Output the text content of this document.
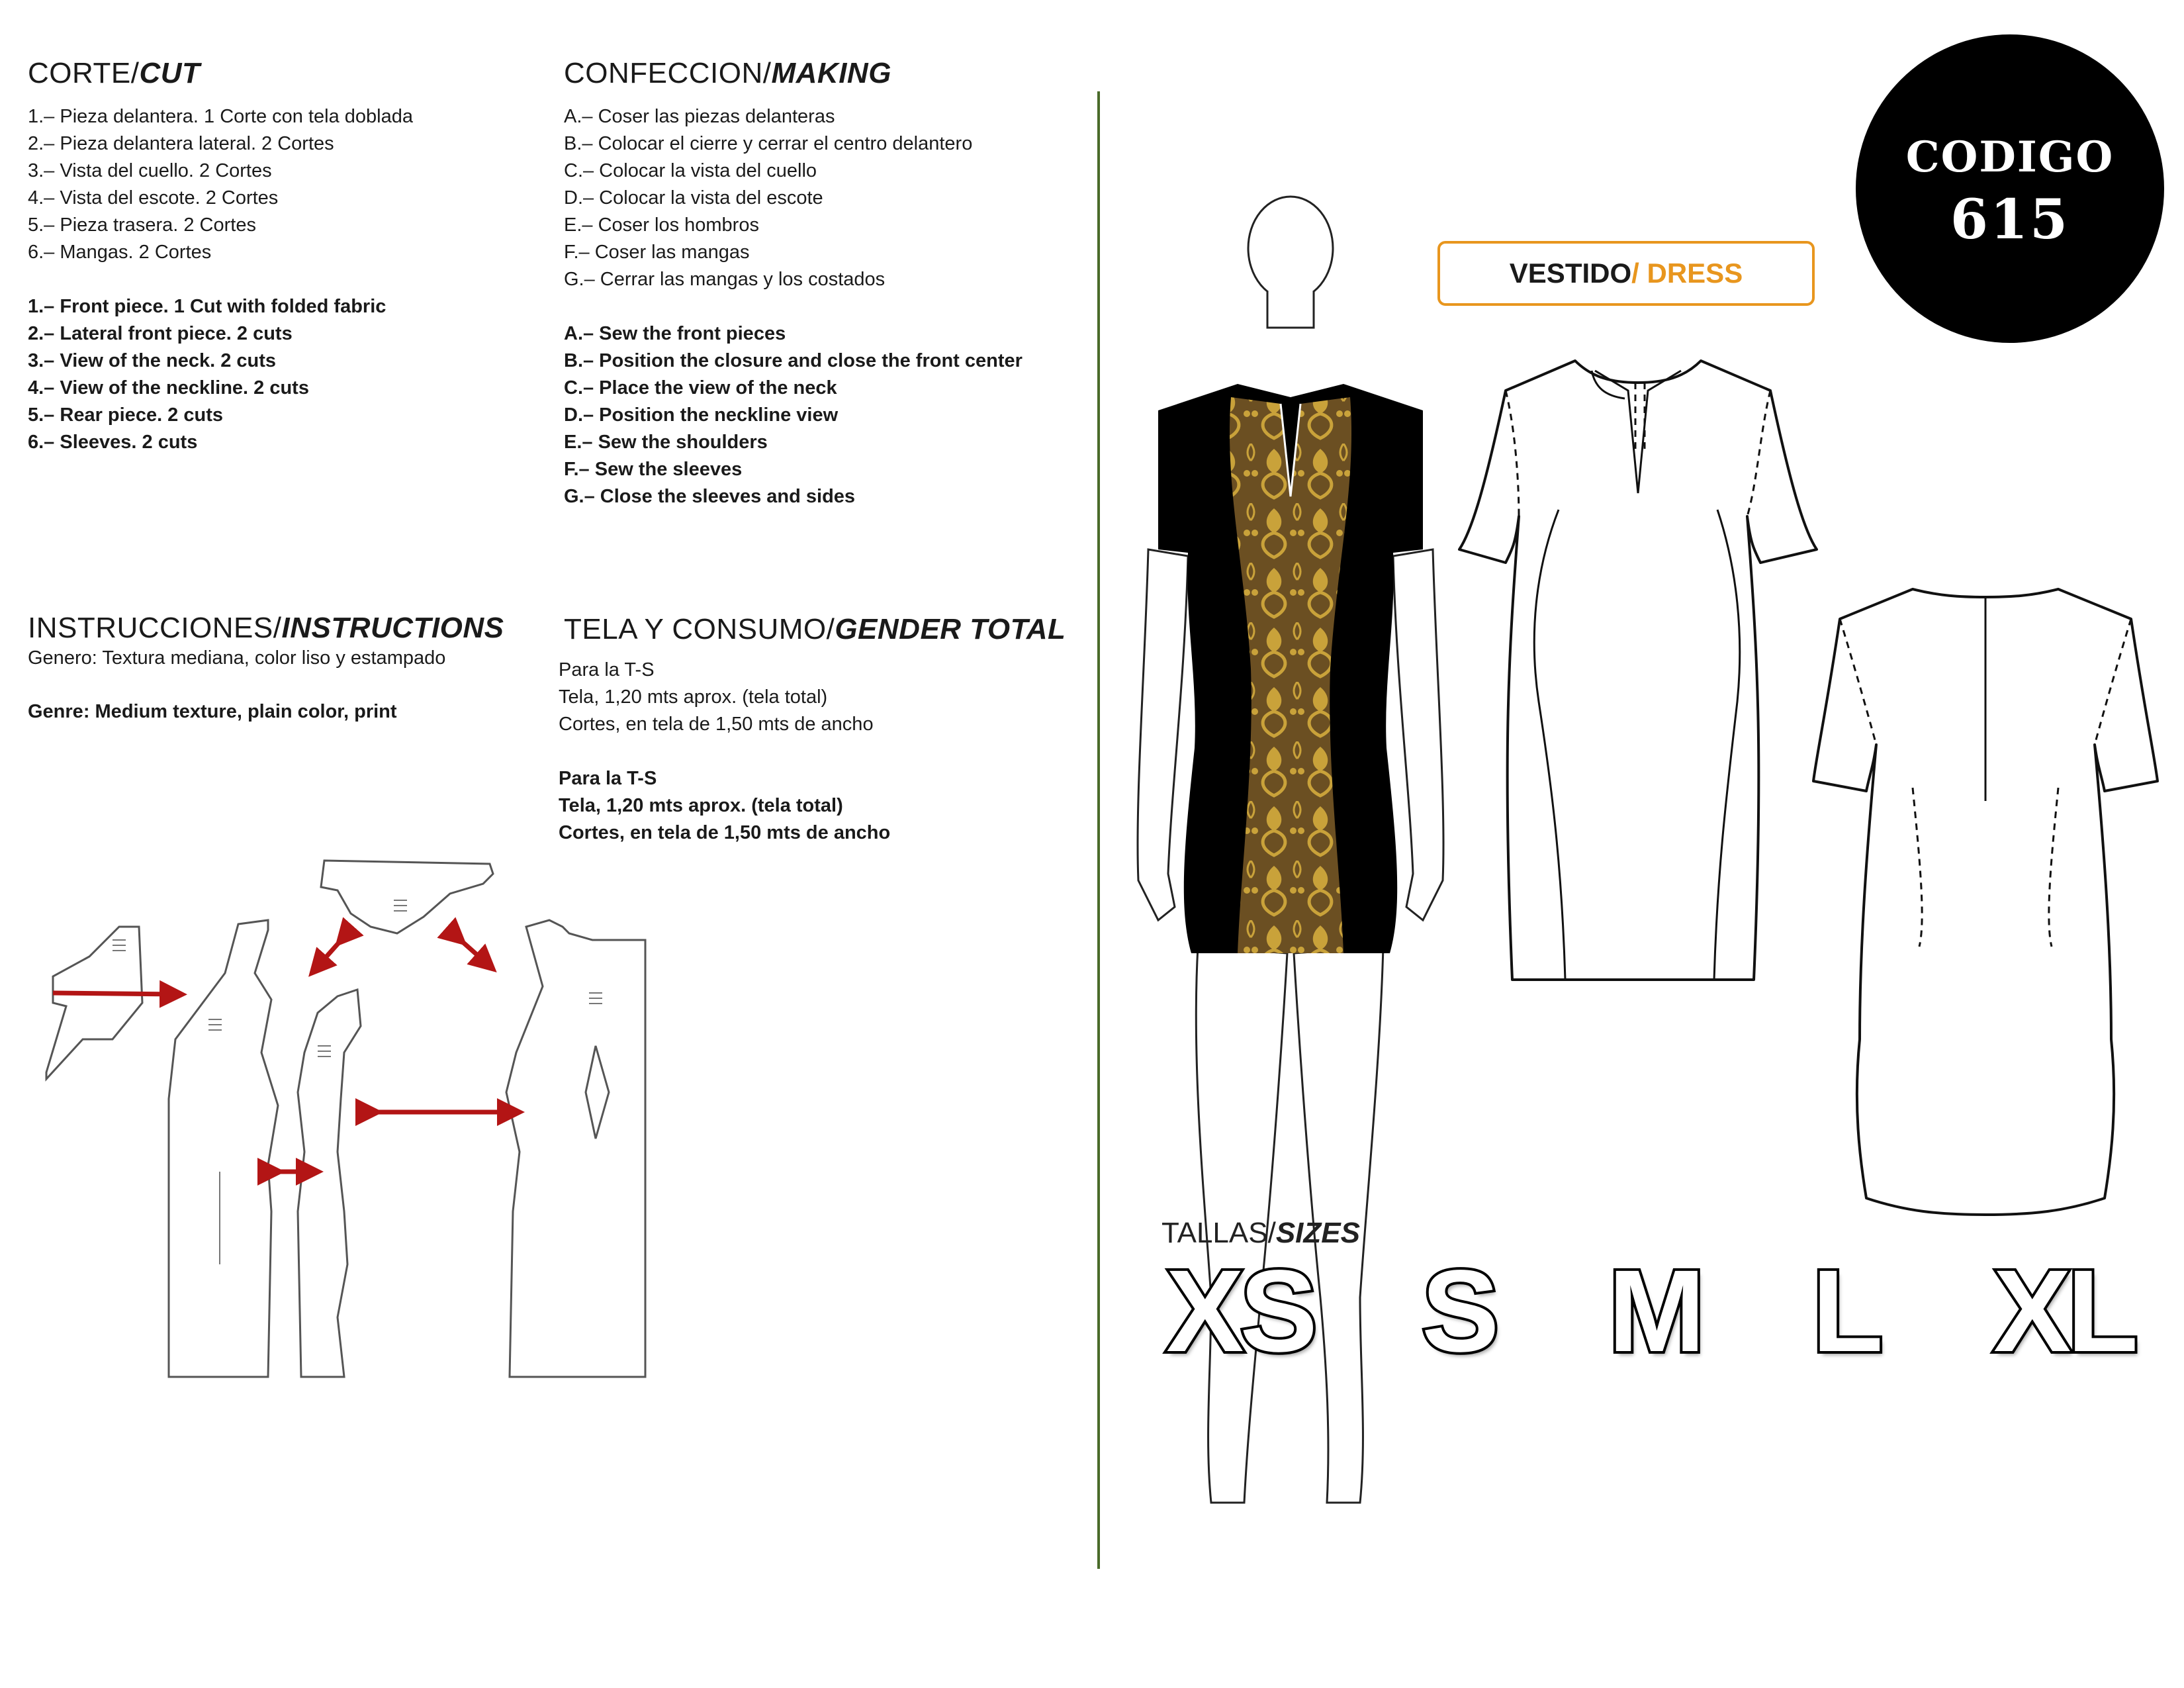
CORTE/CUT
1.– Pieza delantera. 1 Corte con tela doblada
2.– Pieza delantera lateral. 2 Cortes
3.– Vista del cuello. 2 Cortes
4.– Vista del escote. 2 Cortes
5.– Pieza trasera. 2 Cortes
6.– Mangas. 2 Cortes
1.– Front piece. 1 Cut with folded fabric
2.– Lateral front piece. 2 cuts
3.– View of the neck. 2 cuts
4.– View of the neckline. 2 cuts
5.– Rear piece. 2 cuts
6.– Sleeves. 2 cuts
CONFECCION/MAKING
A.– Coser las piezas delanteras
B.– Colocar el cierre y cerrar el centro delantero
C.– Colocar la vista del cuello
D.– Colocar la vista del escote
E.– Coser los hombros
F.– Coser las mangas
G.– Cerrar las mangas y los costados
A.– Sew the front pieces
B.– Position the closure and close the front center
C.– Place the view of the neck
D.– Position the neckline view
E.– Sew the shoulders
F.– Sew the sleeves
G.– Close the sleeves and sides
INSTRUCCIONES/INSTRUCTIONS
Genero: Textura mediana, color liso y estampado
Genre: Medium texture, plain color, print
TELA Y CONSUMO/GENDER TOTAL
Para la T-S
Tela, 1,20 mts aprox. (tela total)
Cortes, en tela de 1,50 mts de ancho
Para la T-S
Tela, 1,20 mts aprox. (tela total)
Cortes, en tela de 1,50 mts de ancho
CODIGO
615
VESTIDO/ DRESS
TALLAS/SIZES
XS S M L XL
